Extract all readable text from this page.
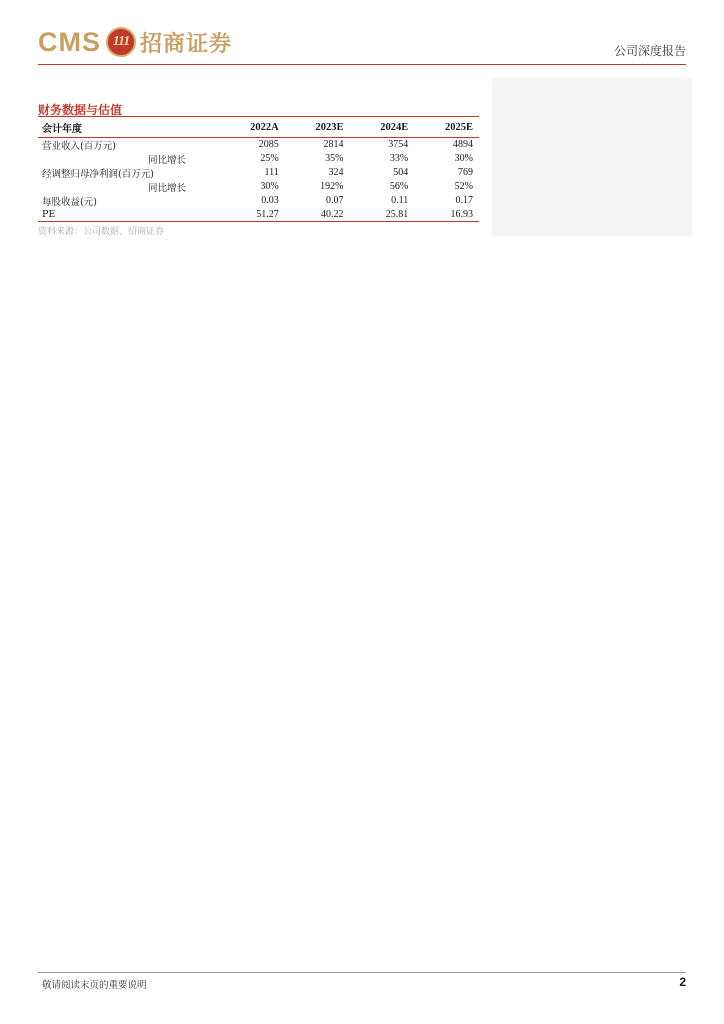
CMS 111 招商证券	公司深度报告
财务数据与估值
会计年度	2022A	2023E	2024E	2025E
营业收入(百万元)	2085	2814	3754	4894
同比增长	25%	35%	33%	30%
经调整归母净利润(百万元)	111	324	504	769
同比增长	30%	192%	56%	52%
每股收益(元)	0.03	0.07	0.11	0.17
PE	51.27	40.22	25.81	16.93
资料来源：公司数据、招商证券
敬请阅读末页的重要说明	2
